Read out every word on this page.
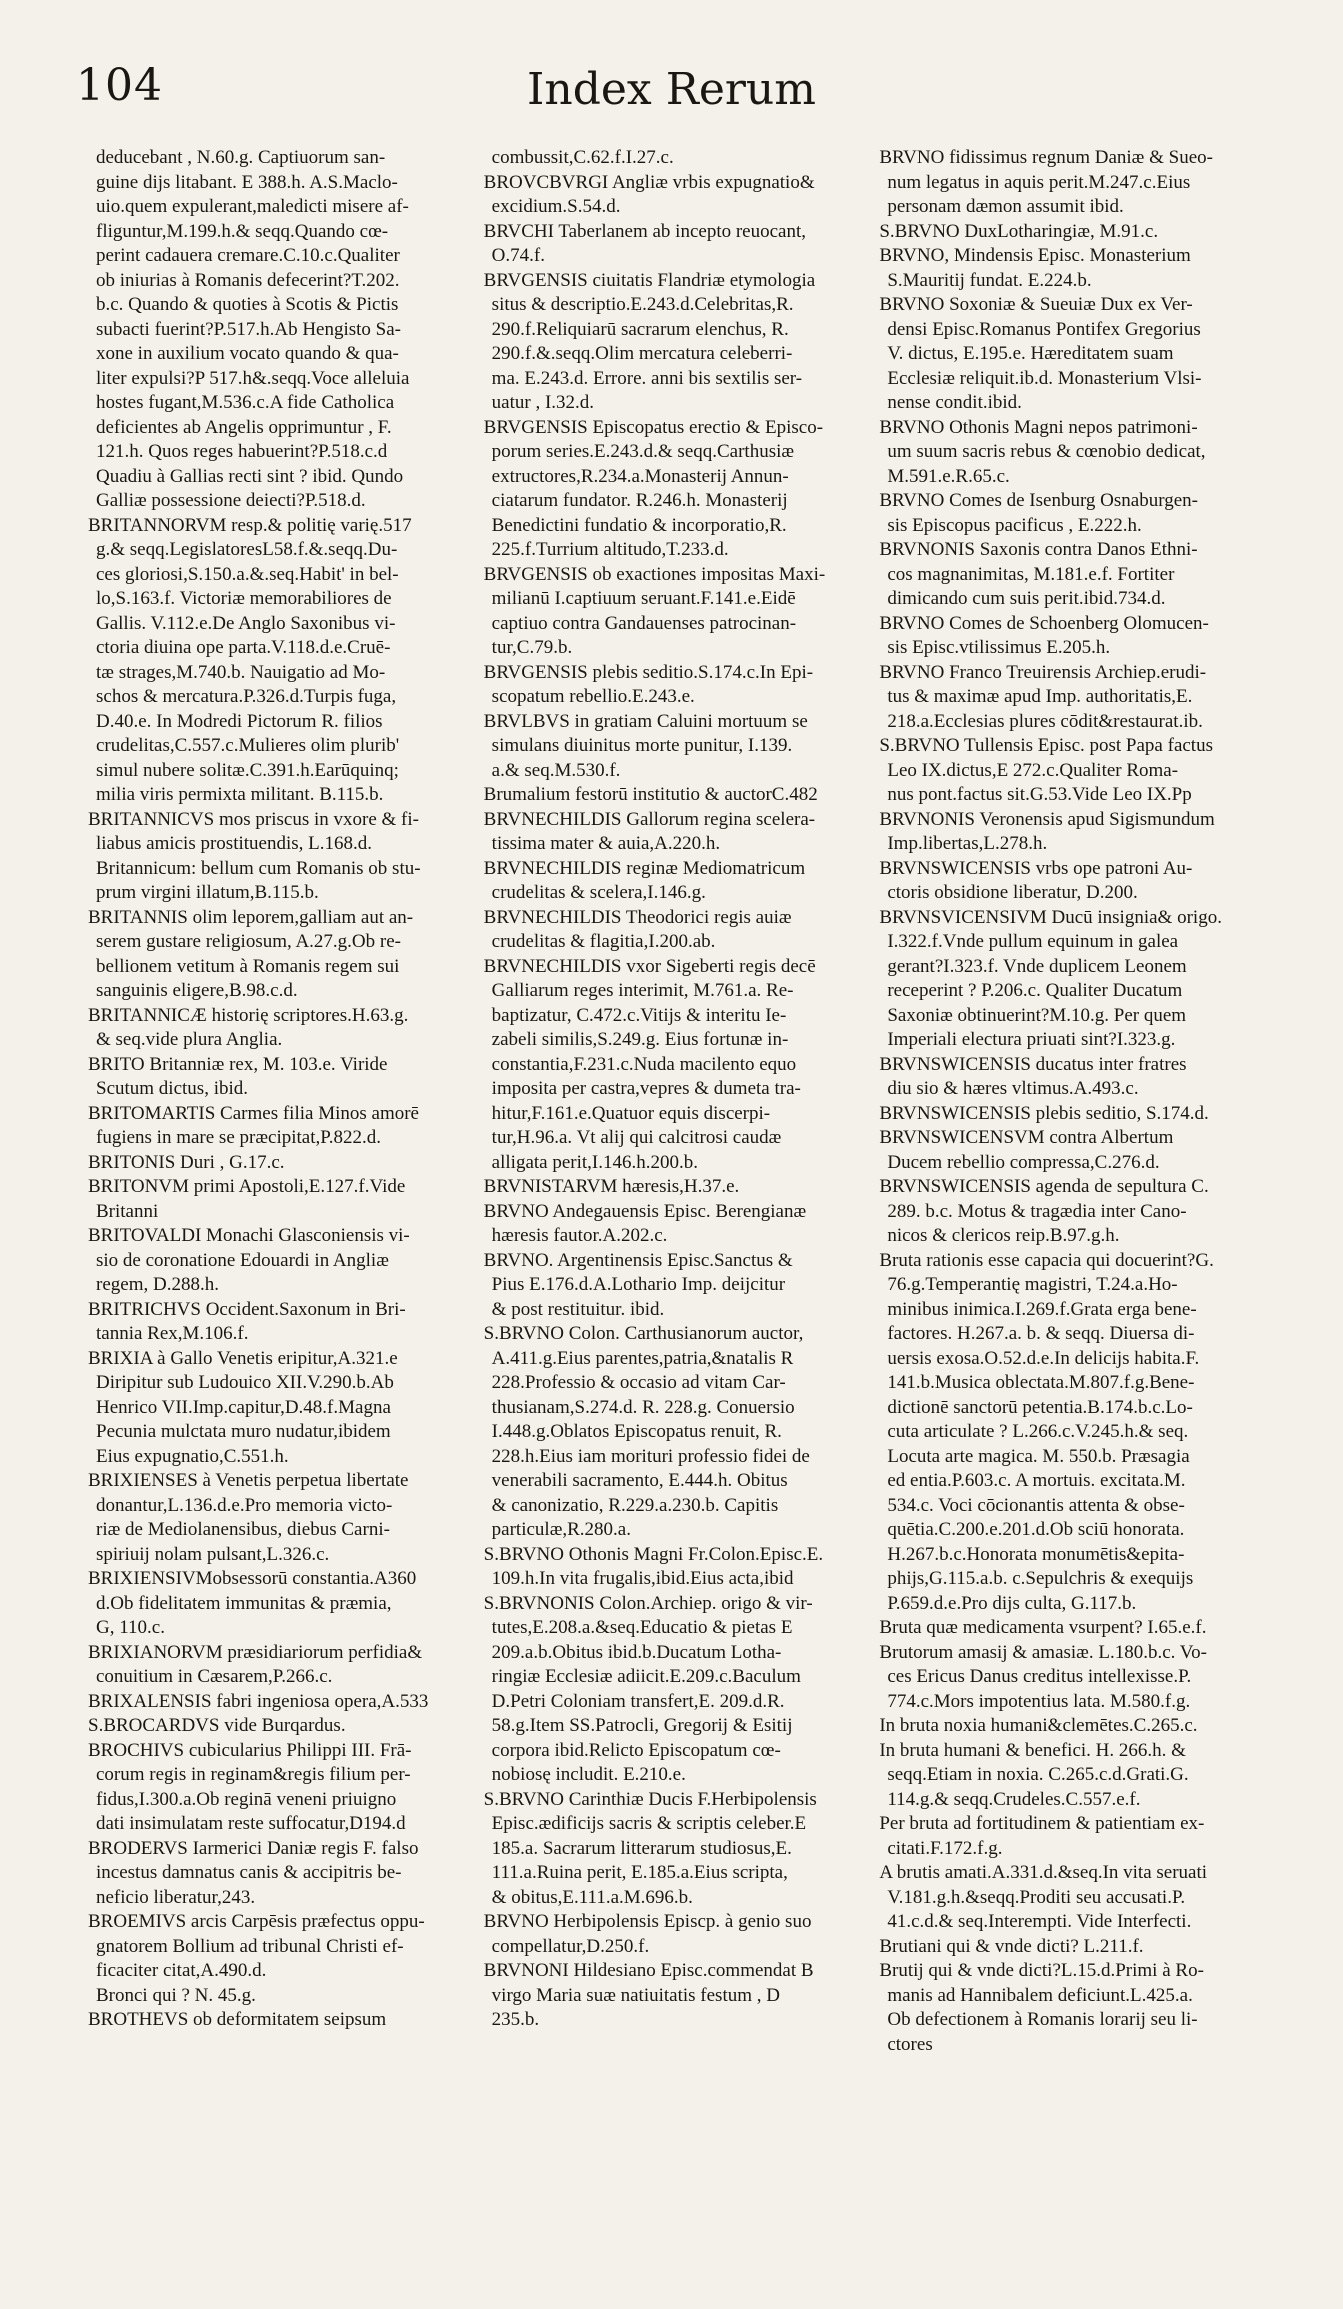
104	Index Rerum

deducebant , N.60.g. Captiuorum san-

guine dijs litabant. E 388.h. A.S.Maclo-

uio.quem expulerant,maledicti misere af-

fliguntur,M.199.h.& seqq.Quando cœ-

perint cadauera cremare.C.10.c.Qualiter

ob iniurias à Romanis defecerint?T.202.

b.c. Quando & quoties à Scotis & Pictis

subacti fuerint?P.517.h.Ab Hengisto Sa-

xone in auxilium vocato quando & qua-

liter expulsi?P 517.h&.seqq.Voce alleluia

hostes fugant,M.536.c.A fide Catholica

deficientes ab Angelis opprimuntur , F.

121.h. Quos reges habuerint?P.518.c.d

Quadiu à Gallias recti sint ? ibid. Qundo

Galliæ possessione deiecti?P.518.d.

BRITANNORVM resp.& politię varię.517

g.& seqq.LegislatoresL58.f.&.seqq.Du-

ces gloriosi,S.150.a.&.seq.Habit' in bel-

lo,S.163.f. Victoriæ memorabiliores de

Gallis. V.112.e.De Anglo Saxonibus vi-

ctoria diuina ope parta.V.118.d.e.Cruē-

tæ strages,M.740.b. Nauigatio ad Mo-

schos & mercatura.P.326.d.Turpis fuga,

D.40.e. In Modredi Pictorum R. filios

crudelitas,C.557.c.Mulieres olim plurib'

simul nubere solitæ.C.391.h.Earūquinq;

milia viris permixta militant. B.115.b.

BRITANNICVS mos priscus in vxore & fi-

liabus amicis prostituendis, L.168.d.

Britannicum: bellum cum Romanis ob stu-

prum virgini illatum,B.115.b.

BRITANNIS olim leporem,galliam aut an-

serem gustare religiosum, A.27.g.Ob re-

bellionem vetitum à Romanis regem sui

sanguinis eligere,B.98.c.d.

BRITANNICÆ historię scriptores.H.63.g.

& seq.vide plura Anglia.

BRITO Britanniæ rex, M. 103.e. Viride

Scutum dictus, ibid.

BRITOMARTIS Carmes filia Minos amorē

fugiens in mare se præcipitat,P.822.d.

BRITONIS Duri , G.17.c.

BRITONVM primi Apostoli,E.127.f.Vide

Britanni

BRITOVALDI Monachi Glasconiensis vi-

sio de coronatione Edouardi in Angliæ

regem, D.288.h.

BRITRICHVS Occident.Saxonum in Bri-

tannia Rex,M.106.f.

BRIXIA à Gallo Venetis eripitur,A.321.e

Diripitur sub Ludouico XII.V.290.b.Ab

Henrico VII.Imp.capitur,D.48.f.Magna

Pecunia mulctata muro nudatur,ibidem

Eius expugnatio,C.551.h.

BRIXIENSES à Venetis perpetua libertate

donantur,L.136.d.e.Pro memoria victo-

riæ de Mediolanensibus, diebus Carni-

spiriuij nolam pulsant,L.326.c.

BRIXIENSIVMobsessorū constantia.A360

d.Ob fidelitatem immunitas & præmia,

G, 110.c.

BRIXIANORVM præsidiariorum perfidia&

conuitium in Cæsarem,P.266.c.

BRIXALENSIS fabri ingeniosa opera,A.533

S.BROCARDVS vide Burqardus.

BROCHIVS cubicularius Philippi III. Frā-

corum regis in reginam&regis filium per-

fidus,I.300.a.Ob reginā veneni priuigno

dati insimulatam reste suffocatur,D194.d

BRODERVS Iarmerici Daniæ regis F. falso

incestus damnatus canis & accipitris be-

neficio liberatur,243.

BROEMIVS arcis Carpēsis præfectus oppu-

gnatorem Bollium ad tribunal Christi ef-

ficaciter citat,A.490.d.

Bronci qui ? N. 45.g.

BROTHEVS ob deformitatem seipsum

combussit,C.62.f.I.27.c.

BROVCBVRGI Angliæ vrbis expugnatio&

excidium.S.54.d.

BRVCHI Taberlanem ab incepto reuocant,

O.74.f.

BRVGENSIS ciuitatis Flandriæ etymologia

situs & descriptio.E.243.d.Celebritas,R.

290.f.Reliquiarū sacrarum elenchus, R.

290.f.&.seqq.Olim mercatura celeberri-

ma. E.243.d. Errore. anni bis sextilis ser-

uatur , I.32.d.

BRVGENSIS Episcopatus erectio & Episco-

porum series.E.243.d.& seqq.Carthusiæ

extructores,R.234.a.Monasterij Annun-

ciatarum fundator. R.246.h. Monasterij

Benedictini fundatio & incorporatio,R.

225.f.Turrium altitudo,T.233.d.

BRVGENSIS ob exactiones impositas Maxi-

milianū I.captiuum seruant.F.141.e.Eidē

captiuo contra Gandauenses patrocinan-

tur,C.79.b.

BRVGENSIS plebis seditio.S.174.c.In Epi-

scopatum rebellio.E.243.e.

BRVLBVS in gratiam Caluini mortuum se

simulans diuinitus morte punitur, I.139.

a.& seq.M.530.f.

Brumalium festorū institutio & auctorC.482

BRVNECHILDIS Gallorum regina scelera-

tissima mater & auia,A.220.h.

BRVNECHILDIS reginæ Mediomatricum

crudelitas & scelera,I.146.g.

BRVNECHILDIS Theodorici regis auiæ

crudelitas & flagitia,I.200.ab.

BRVNECHILDIS vxor Sigeberti regis decē

Galliarum reges interimit, M.761.a. Re-

baptizatur, C.472.c.Vitijs & interitu Ie-

zabeli similis,S.249.g. Eius fortunæ in-

constantia,F.231.c.Nuda macilento equo

imposita per castra,vepres & dumeta tra-

hitur,F.161.e.Quatuor equis discerpi-

tur,H.96.a. Vt alij qui calcitrosi caudæ

alligata perit,I.146.h.200.b.

BRVNISTARVM hæresis,H.37.e.

BRVNO Andegauensis Episc. Berengianæ

hæresis fautor.A.202.c.

BRVNO. Argentinensis Episc.Sanctus &

Pius E.176.d.A.Lothario Imp. deijcitur

& post restituitur. ibid.

S.BRVNO Colon. Carthusianorum auctor,

A.411.g.Eius parentes,patria,&natalis R

228.Professio & occasio ad vitam Car-

thusianam,S.274.d. R. 228.g. Conuersio

I.448.g.Oblatos Episcopatus renuit, R.

228.h.Eius iam morituri professio fidei de

venerabili sacramento, E.444.h. Obitus

& canonizatio, R.229.a.230.b. Capitis

particulæ,R.280.a.

S.BRVNO Othonis Magni Fr.Colon.Episc.E.

109.h.In vita frugalis,ibid.Eius acta,ibid

S.BRVNONIS Colon.Archiep. origo & vir-

tutes,E.208.a.&seq.Educatio & pietas E

209.a.b.Obitus ibid.b.Ducatum Lotha-

ringiæ Ecclesiæ adiicit.E.209.c.Baculum

D.Petri Coloniam transfert,E. 209.d.R.

58.g.Item SS.Patrocli, Gregorij & Esitij

corpora ibid.Relicto Episcopatum cœ-

nobiosę includit. E.210.e.

S.BRVNO Carinthiæ Ducis F.Herbipolensis

Episc.ædificijs sacris & scriptis celeber.E

185.a. Sacrarum litterarum studiosus,E.

111.a.Ruina perit, E.185.a.Eius scripta,

& obitus,E.111.a.M.696.b.

BRVNO Herbipolensis Episcp. à genio suo

compellatur,D.250.f.

BRVNONI Hildesiano Episc.commendat B

virgo Maria suæ natiuitatis festum , D

235.b.

BRVNO fidissimus regnum Daniæ & Sueo-

num legatus in aquis perit.M.247.c.Eius

personam dæmon assumit ibid.

S.BRVNO DuxLotharingiæ, M.91.c.

BRVNO, Mindensis Episc. Monasterium

S.Mauritij fundat. E.224.b.

BRVNO Soxoniæ & Sueuiæ Dux ex Ver-

densi Episc.Romanus Pontifex Gregorius

V. dictus, E.195.e. Hæreditatem suam

Ecclesiæ reliquit.ib.d. Monasterium Vlsi-

nense condit.ibid.

BRVNO Othonis Magni nepos patrimoni-

um suum sacris rebus & cœnobio dedicat,

M.591.e.R.65.c.

BRVNO Comes de Isenburg Osnaburgen-

sis Episcopus pacificus , E.222.h.

BRVNONIS Saxonis contra Danos Ethni-

cos magnanimitas, M.181.e.f. Fortiter

dimicando cum suis perit.ibid.734.d.

BRVNO Comes de Schoenberg Olomucen-

sis Episc.vtilissimus E.205.h.

BRVNO Franco Treuirensis Archiep.erudi-

tus & maximæ apud Imp. authoritatis,E.

218.a.Ecclesias plures cōdit&restaurat.ib.

S.BRVNO Tullensis Episc. post Papa factus

Leo IX.dictus,E 272.c.Qualiter Roma-

nus pont.factus sit.G.53.Vide Leo IX.Pp

BRVNONIS Veronensis apud Sigismundum

Imp.libertas,L.278.h.

BRVNSWICENSIS vrbs ope patroni Au-

ctoris obsidione liberatur, D.200.

BRVNSVICENSIVM Ducū insignia& origo.

I.322.f.Vnde pullum equinum in galea

gerant?I.323.f. Vnde duplicem Leonem

receperint ? P.206.c. Qualiter Ducatum

Saxoniæ obtinuerint?M.10.g. Per quem

Imperiali electura priuati sint?I.323.g.

BRVNSWICENSIS ducatus inter fratres

diu sio & hæres vltimus.A.493.c.

BRVNSWICENSIS plebis seditio, S.174.d.

BRVNSWICENSVM contra Albertum

Ducem rebellio compressa,C.276.d.

BRVNSWICENSIS agenda de sepultura C.

289. b.c. Motus & tragædia inter Cano-

nicos & clericos reip.B.97.g.h.

Bruta rationis esse capacia qui docuerint?G.

76.g.Temperantię magistri, T.24.a.Ho-

minibus inimica.I.269.f.Grata erga bene-

factores. H.267.a. b. & seqq. Diuersa di-

uersis exosa.O.52.d.e.In delicijs habita.F.

141.b.Musica oblectata.M.807.f.g.Bene-

dictionē sanctorū petentia.B.174.b.c.Lo-

cuta articulate ? L.266.c.V.245.h.& seq.

Locuta arte magica. M. 550.b. Præsagia

ed entia.P.603.c. A mortuis. excitata.M.

534.c. Voci cōcionantis attenta & obse-

quētia.C.200.e.201.d.Ob sciū honorata.

H.267.b.c.Honorata monumētis&epita-

phijs,G.115.a.b. c.Sepulchris & exequijs

P.659.d.e.Pro dijs culta, G.117.b.

Bruta quæ medicamenta vsurpent? I.65.e.f.

Brutorum amasij & amasiæ. L.180.b.c. Vo-

ces Ericus Danus creditus intellexisse.P.

774.c.Mors impotentius lata. M.580.f.g.

In bruta noxia humani&clemētes.C.265.c.

In bruta humani & benefici. H. 266.h. &

seqq.Etiam in noxia. C.265.c.d.Grati.G.

114.g.& seqq.Crudeles.C.557.e.f.

Per bruta ad fortitudinem & patientiam ex-

citati.F.172.f.g.

A brutis amati.A.331.d.&seq.In vita seruati

V.181.g.h.&seqq.Proditi seu accusati.P.

41.c.d.& seq.Interempti. Vide Interfecti.

Brutiani qui & vnde dicti? L.211.f.

Brutij qui & vnde dicti?L.15.d.Primi à Ro-

manis ad Hannibalem deficiunt.L.425.a.

Ob defectionem à Romanis lorarij seu li-

ctores
